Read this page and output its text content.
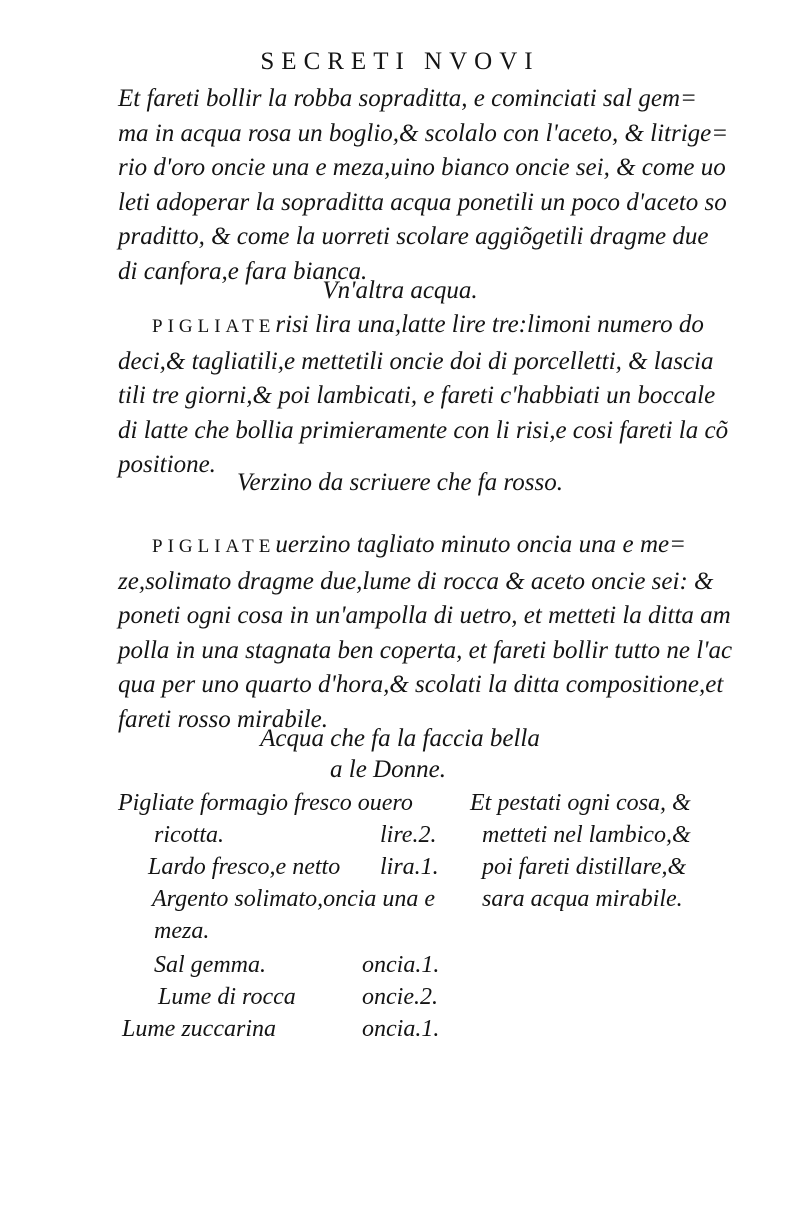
SECRETI NVOVI
Et fareti bollir la robba sopraditta, e cominciati sal gem=
ma in acqua rosa un boglio,& scolalo con l'aceto, & litrige=
rio d'oro oncie una e meza,uino bianco oncie sei, & come uo
leti adoperar la sopraditta acqua ponetili un poco d'aceto so
praditto, & come la uorreti scolare aggiõgetili dragme due
di canfora,e fara bianca.
Vn'altra acqua.
PIGLIATErisi lira una,latte lire tre:limoni numero do
deci,& tagliatili,e mettetili oncie doi di porcelletti, & lascia
tili tre giorni,& poi lambicati, e fareti c'habbiati un boccale
di latte che bollia primieramente con li risi,e cosi fareti la cõ
positione.
Verzino da scriuere che fa rosso.
PIGLIATEuerzino tagliato minuto oncia una e me=
ze,solimato dragme due,lume di rocca & aceto oncie sei: &
poneti ogni cosa in un'ampolla di uetro, et metteti la ditta am
polla in una stagnata ben coperta, et fareti bollir tutto ne l'ac
qua per uno quarto d'hora,& scolati la ditta compositione,et
fareti rosso mirabile.
Acqua che fa la faccia bella
a le Donne.
Pigliate formagio fresco ouero
ricotta.	lire.2.
Lardo fresco,e netto lira.1.
Argento solimato,oncia una e
meza.
Sal gemma.	oncia.1.
Lume di rocca	oncie.2.
Lume zuccarina	oncia.1.
Et pestati ogni cosa, &
metteti nel lambico,&
poi fareti distillare,&
sara acqua mirabile.
